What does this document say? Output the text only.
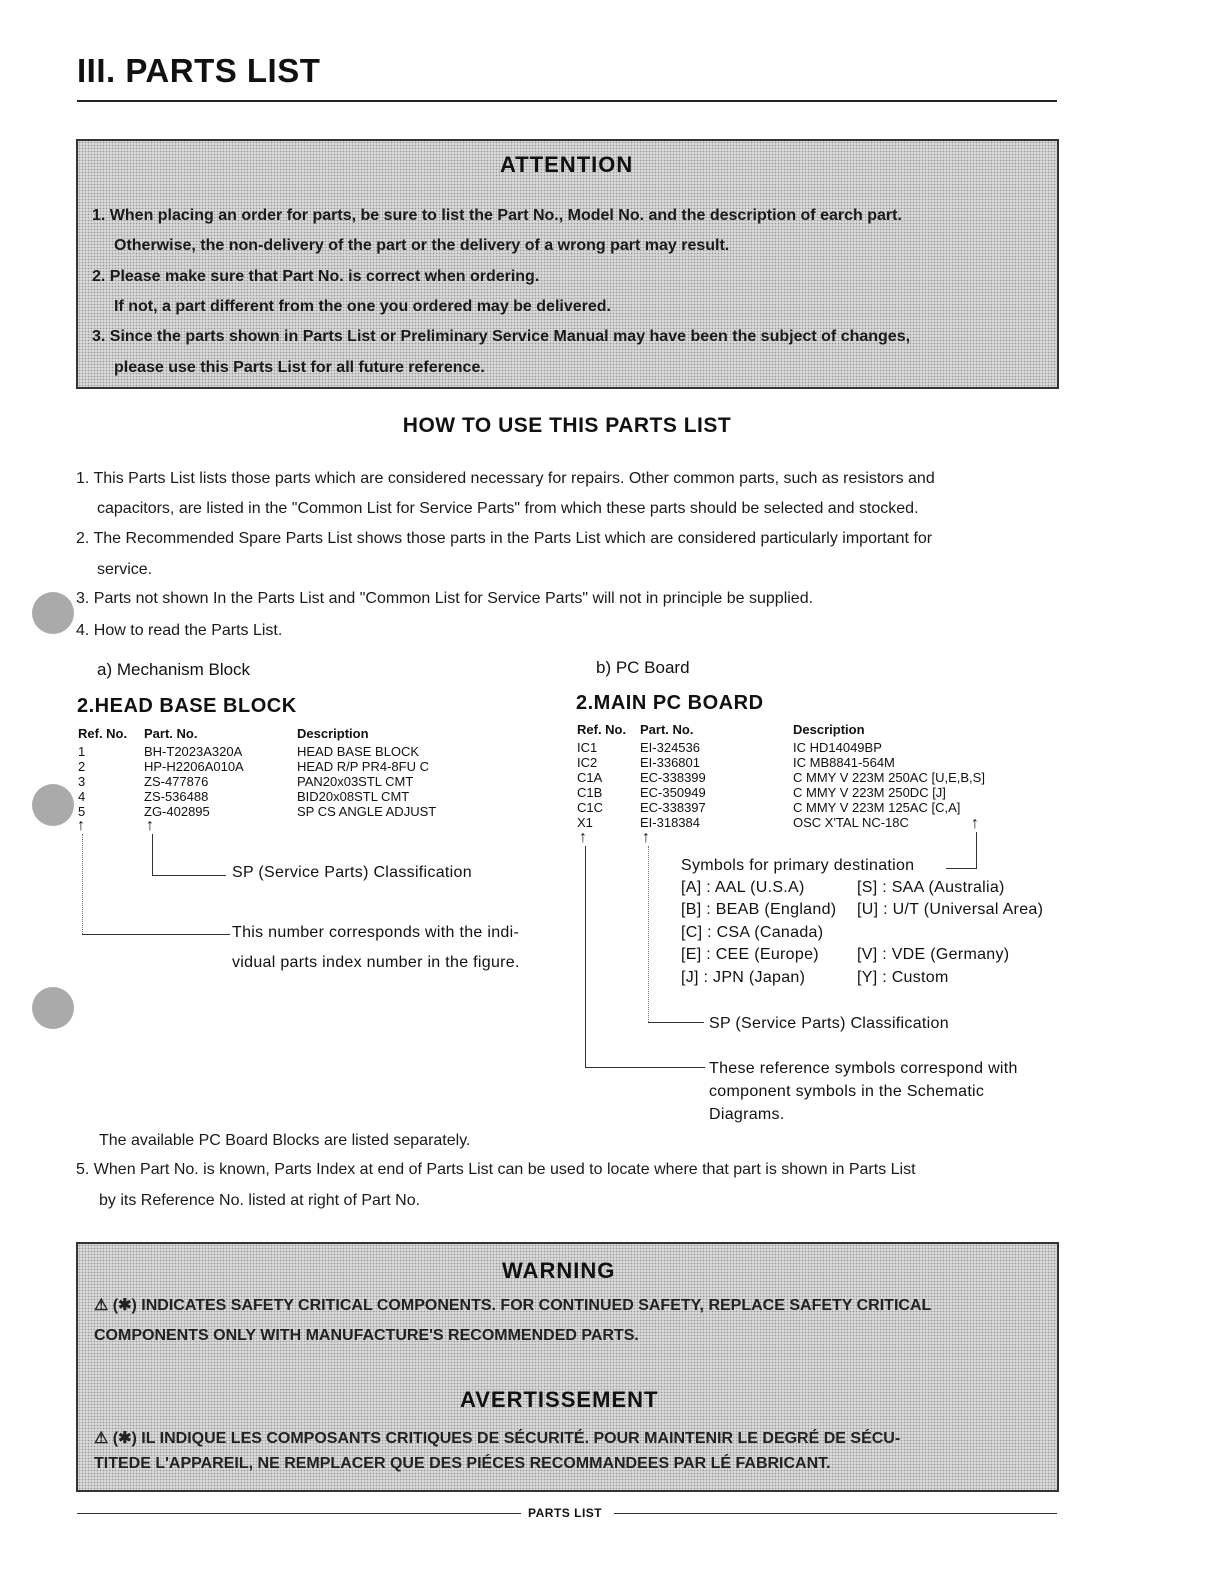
III. PARTS LIST
ATTENTION
1. When placing an order for parts, be sure to list the Part No., Model No. and the description of earch part.
Otherwise, the non-delivery of the part or the delivery of a wrong part may result.
2. Please make sure that Part No. is correct when ordering.
If not, a part different from the one you ordered may be delivered.
3. Since the parts shown in Parts List or Preliminary Service Manual may have been the subject of changes,
please use this Parts List for all future reference.
HOW TO USE THIS PARTS LIST
1. This Parts List lists those parts which are considered necessary for repairs. Other common parts, such as resistors and
capacitors, are listed in the "Common List for Service Parts" from which these parts should be selected and stocked.
2. The Recommended Spare Parts List shows those parts in the Parts List which are considered particularly important for
service.
3. Parts not shown In the Parts List and "Common List for Service Parts" will not in principle be supplied.
4. How to read the Parts List.
a) Mechanism Block
2.HEAD BASE BLOCK
Ref. No. Part. No.	Description
1	BH-T2023A320A	HEAD BASE BLOCK
2	HP-H2206A010A	HEAD R/P PR4-8FU C
3	ZS-477876	PAN20x03STL CMT
4	ZS-536488	BID20x08STL CMT
5	ZG-402895	SP CS ANGLE ADJUST
↑	↑
SP (Service Parts) Classification
This number corresponds with the indi-
vidual parts index number in the figure.
b) PC Board
2.MAIN PC BOARD
Ref. No. Part. No.	Description
IC1	EI-324536	IC HD14049BP
IC2	EI-336801	IC MB8841-564M
C1A	EC-338399	C MMY V 223M 250AC [U,E,B,S]
C1B	EC-350949	C MMY V 223M 250DC [J]
C1C	EC-338397	C MMY V 223M 125AC [C,A]
X1	EI-318384	OSC X'TAL NC-18C
↑	↑
↑
Symbols for primary destination
[A] : AAL (U.S.A)	[S] : SAA (Australia)
[B] : BEAB (England) [U] : U/T (Universal Area)
[C] : CSA (Canada)
[E] : CEE (Europe) [V] : VDE (Germany)
[J] : JPN (Japan)	[Y] : Custom
SP (Service Parts) Classification
These reference symbols correspond with
component symbols in the Schematic
Diagrams.
The available PC Board Blocks are listed separately.
5. When Part No. is known, Parts Index at end of Parts List can be used to locate where that part is shown in Parts List
by its Reference No. listed at right of Part No.
WARNING
⚠ (✱) INDICATES SAFETY CRITICAL COMPONENTS. FOR CONTINUED SAFETY, REPLACE SAFETY CRITICAL
COMPONENTS ONLY WITH MANUFACTURE'S RECOMMENDED PARTS.
AVERTISSEMENT
⚠ (✱) IL INDIQUE LES COMPOSANTS CRITIQUES DE SÉCURITÉ. POUR MAINTENIR LE DEGRÉ DE SÉCU-
TITEDE L'APPAREIL, NE REMPLACER QUE DES PIÉCES RECOMMANDEES PAR LÉ FABRICANT.
PARTS LIST
